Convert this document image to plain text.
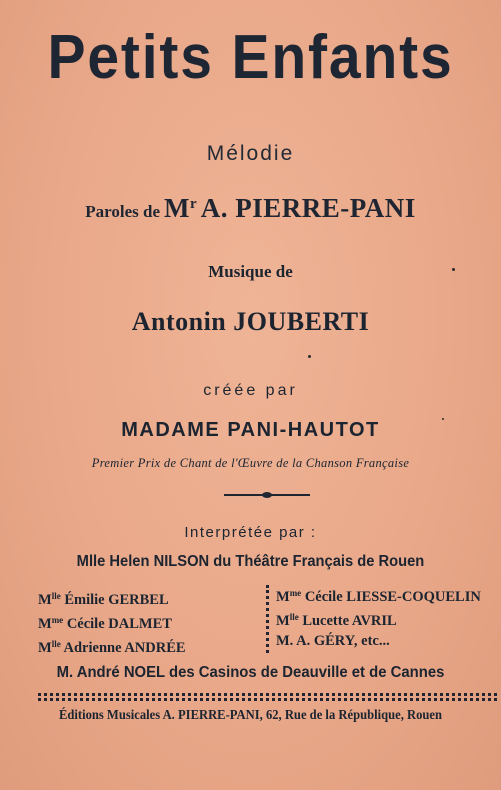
Petits Enfants
Mélodie
Paroles de $M^r$ A. PIERRE-PANI
Musique de
Antonin JOUBERTI
créée par
MADAME PANI-HAUTOT
Premier Prix de Chant de l'Œuvre de la Chanson Française
Interprétée par :
Mlle Helen NILSON du Théâtre Français de Rouen
$M^{lle}$ Émilie GERBEL
$M^{me}$ Cécile DALMET
$M^{lle}$ Adrienne ANDRÉE
$M^{me}$ Cécile LIESSE-COQUELIN
$M^{lle}$ Lucette AVRIL
M. A. GÉRY, etc...
M. André NOEL des Casinos de Deauville et de Cannes
Éditions Musicales A. PIERRE-PANI, 62, Rue de la République, Rouen
